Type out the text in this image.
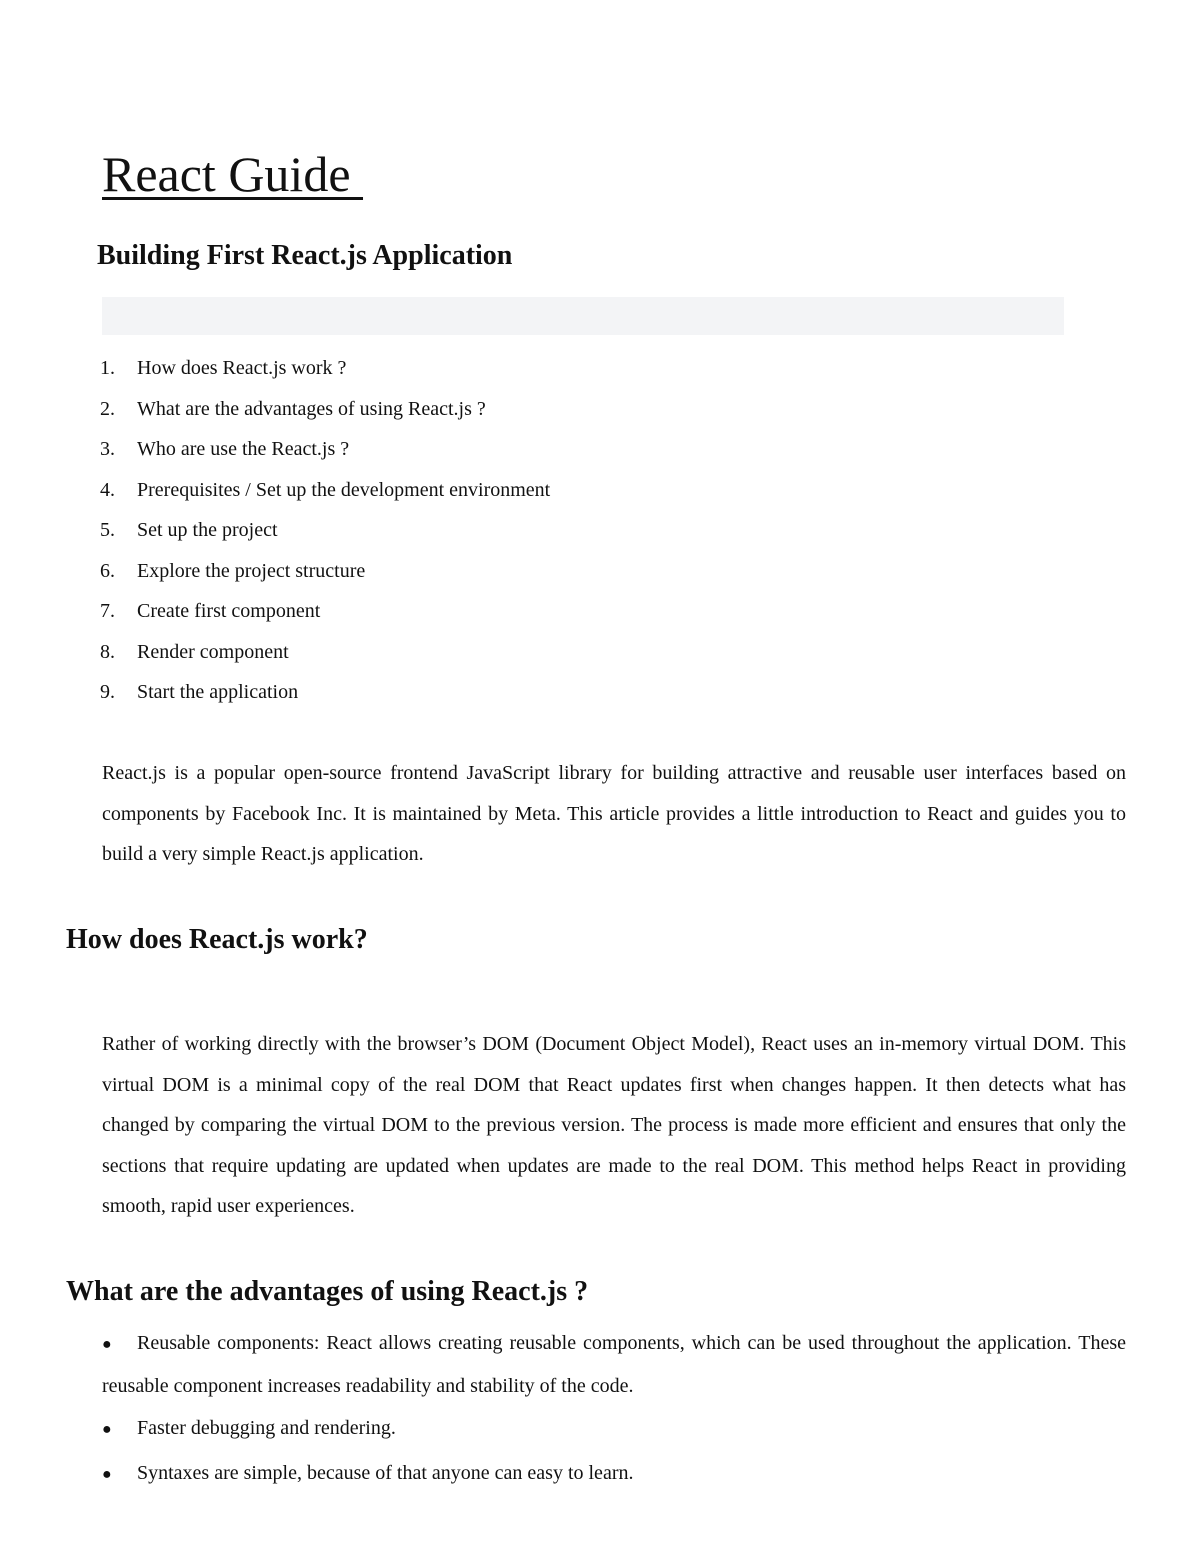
React Guide
Building First React.js Application
1.	How does React.js work ?
2.	What are the advantages of using React.js ?
3.	Who are use the React.js ?
4.	Prerequisites / Set up the development environment
5.	Set up the project
6.	Explore the project structure
7.	Create first component
8.	Render component
9.	Start the application

React.js is a popular open-source frontend JavaScript library for building attractive and reusable user interfaces based on components by Facebook Inc. It is maintained by Meta. This article provides a little introduction to React and guides you to build a very simple React.js application.

How does React.js work?

Rather of working directly with the browser’s DOM (Document Object Model), React uses an in-memory virtual DOM. This virtual DOM is a minimal copy of the real DOM that React updates first when changes happen. It then detects what has changed by comparing the virtual DOM to the previous version. The process is made more efficient and ensures that only the sections that require updating are updated when updates are made to the real DOM. This method helps React in providing smooth, rapid user experiences.

What are the advantages of using React.js ?
● Reusable components: React allows creating reusable components, which can be used throughout the application. These reusable component increases readability and stability of the code.
● Faster debugging and rendering.
● Syntaxes are simple, because of that anyone can easy to learn.
